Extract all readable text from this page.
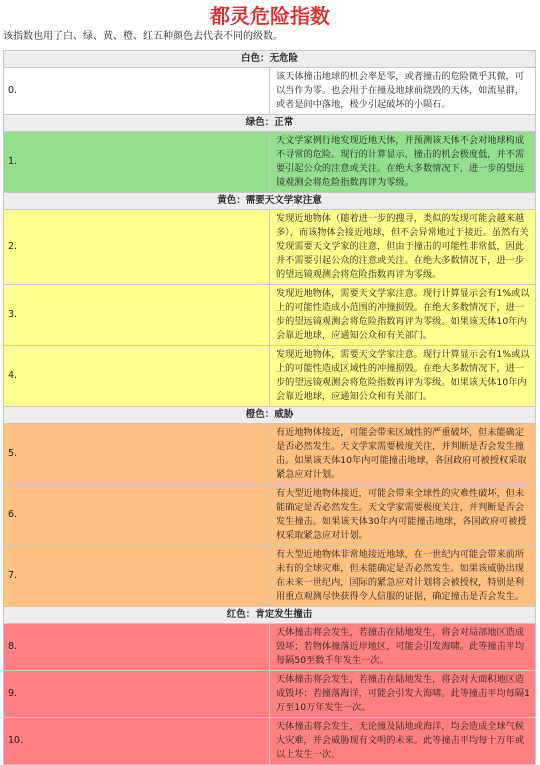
都灵危险指数
该指数也用了白、绿、黄、橙、红五种颜色去代表不同的级数。
白色：无危险	
0.	该天体撞击地球的机会率是零，或者撞击的危险微乎其微，可以当作为零。也会用于在撞及地球前烧毁的天体，如流星群，或者是间中落地，极少引起破坏的小陨石。
绿色：正常	
1.	天文学家例行地发现近地天体，并预测该天体不会对地球构成不寻常的危险。现行的计算显示，撞击的机会极度低，并不需要引起公众的注意或关注。在绝大多数情况下，进一步的望远镜观测会将危险指数再评为零级。
黄色：需要天文学家注意	
2.	发现近地物体（随着进一步的搜寻，类似的发现可能会越来越多），而该物体会接近地球，但不会异常地过于接近。虽然有关发现需要天文学家的注意，但由于撞击的可能性非常低，因此并不需要引起公众的注意或关注。在绝大多数情况下，进一步的望远镜观测会将危险指数再评为零级。
3.	发现近地物体，需要天文学家注意。现行计算显示会有1%或以上的可能性造成小范围的冲撞损毁。在绝大多数情况下，进一步的望远镜观测会将危险指数再评为零级。如果该天体10年内会靠近地球，应通知公众和有关部门。
4.	发现近地物体，需要天文学家注意。现行计算显示会有1%或以上的可能性造成区域性的冲撞损毁。在绝大多数情况下，进一步的望远镜观测会将危险指数再评为零级。如果该天体10年内会靠近地球，应通知公众和有关部门。
橙色：威胁	
5.	有近地物体接近，可能会带来区域性的严重破坏，但未能确定是否必然发生。天文学家需要极度关注，并判断是否会发生撞击。如果该天体10年内可能撞击地球，各国政府可被授权采取紧急应对计划。
6.	有大型近地物体接近，可能会带来全球性的灾难性破坏，但未能确定是否必然发生。天文学家需要极度关注，并判断是否会发生撞击。如果该天体30年内可能撞击地球，各国政府可被授权采取紧急应对计划。
7.	有大型近地物体非常地接近地球，在一世纪内可能会带来前所未有的全球灾难，但未能确定是否必然发生。如果该威胁出现在未来一世纪内，国际的紧急应对计划将会被授权，特别是利用重点观测尽快获得令人信服的证据，确定撞击是否会发生。
红色：肯定发生撞击	
8.	天体撞击将会发生，若撞击在陆地发生，将会对局部地区造成毁坏；若物体撞落近岸地区，可能会引发海啸。此等撞击平均每隔50至数千年发生一次。
9.	天体撞击将会发生，若撞击在陆地发生，将会对大面积地区造成毁坏；若撞落海洋，可能会引发大海啸。此等撞击平均每隔1万至10万年发生一次。
10.	天体撞击将会发生，无论撞及陆地或海洋，均会造成全球气候大灾难，并会威胁现有文明的未来。此等撞击平均每十万年或以上发生一次。
